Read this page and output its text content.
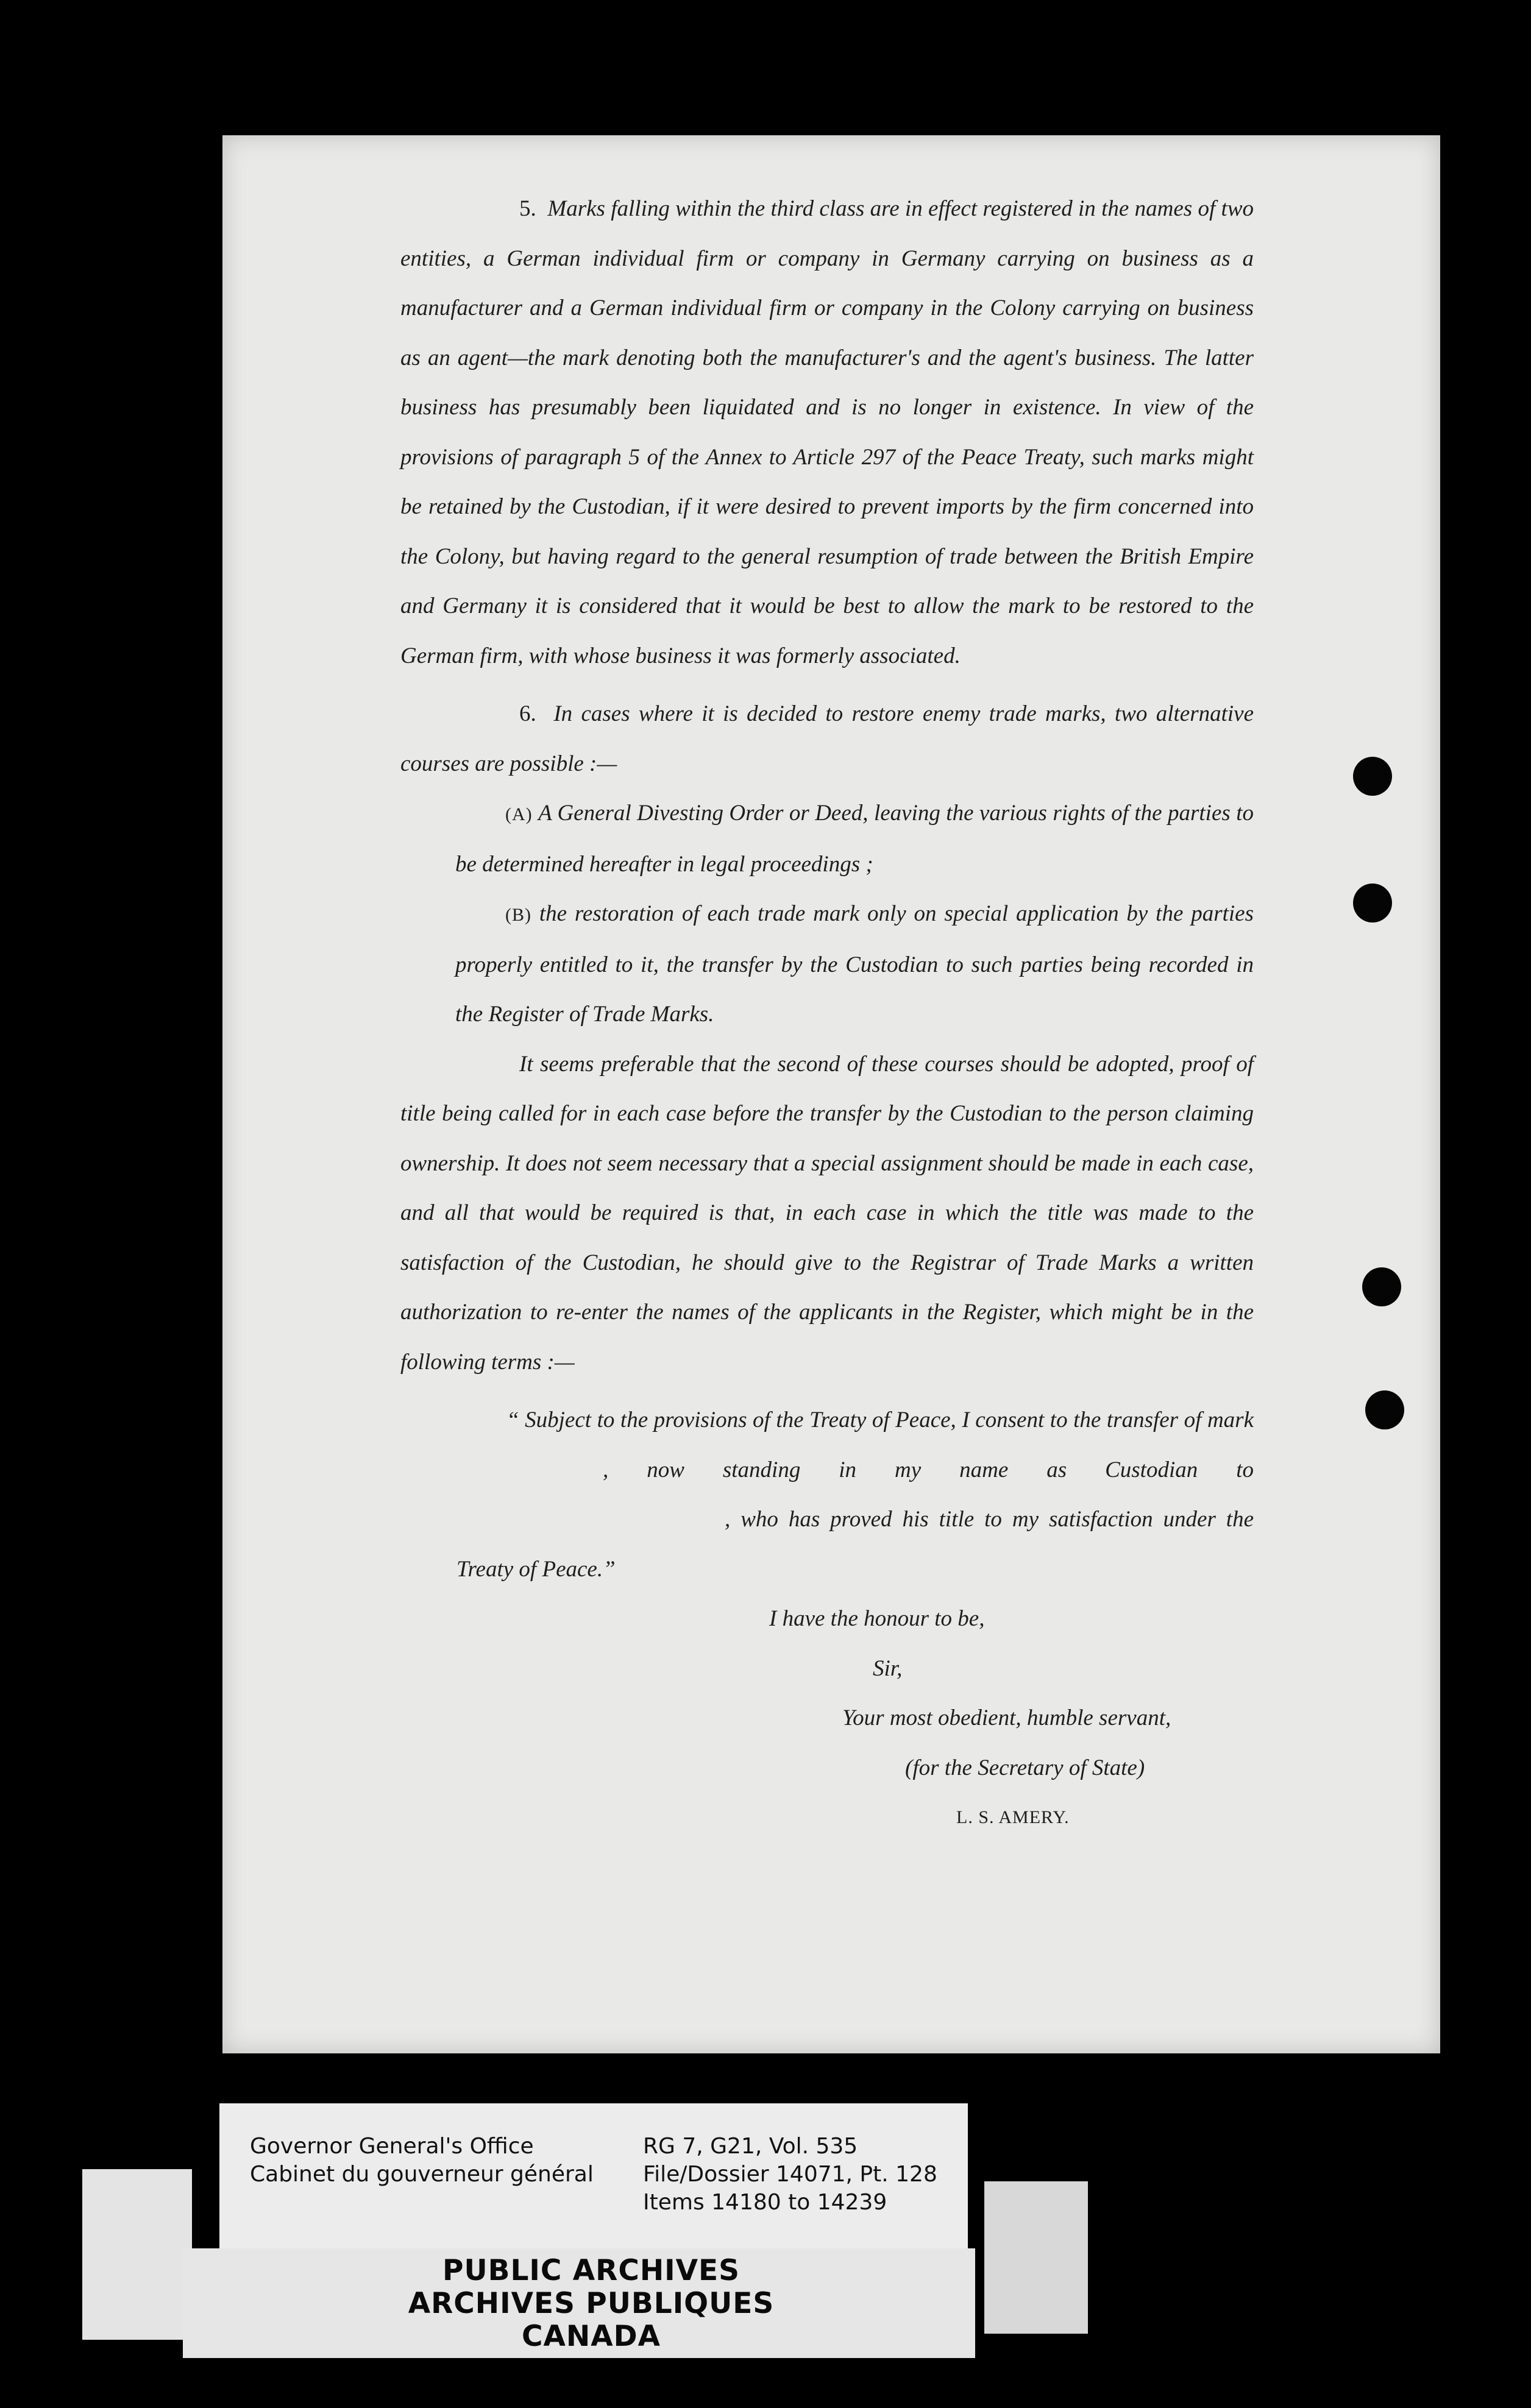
5. Marks falling within the third class are in effect registered in the names of two entities, a German individual firm or company in Germany carrying on business as a manufacturer and a German individual firm or company in the Colony carrying on business as an agent—the mark denoting both the manufacturer's and the agent's business. The latter business has presumably been liquidated and is no longer in existence. In view of the provisions of paragraph 5 of the Annex to Article 297 of the Peace Treaty, such marks might be retained by the Custodian, if it were desired to prevent imports by the firm concerned into the Colony, but having regard to the general resumption of trade between the British Empire and Germany it is considered that it would be best to allow the mark to be restored to the German firm, with whose business it was formerly associated.

6. In cases where it is decided to restore enemy trade marks, two alternative courses are possible :—

(A) A General Divesting Order or Deed, leaving the various rights of the parties to be determined hereafter in legal proceedings ;

(B) the restoration of each trade mark only on special application by the parties properly entitled to it, the transfer by the Custodian to such parties being recorded in the Register of Trade Marks.

It seems preferable that the second of these courses should be adopted, proof of title being called for in each case before the transfer by the Custodian to the person claiming ownership. It does not seem necessary that a special assignment should be made in each case, and all that would be required is that, in each case in which the title was made to the satisfaction of the Custodian, he should give to the Registrar of Trade Marks a written authorization to re-enter the names of the applicants in the Register, which might be in the following terms :—

“ Subject to the provisions of the Treaty of Peace, I consent to the transfer of mark, now standing in my name as Custodian to, who has proved his title to my satisfaction under the Treaty of Peace.”

I have the honour to be,
Sir,
Your most obedient, humble servant,
(for the Secretary of State)
L. S. AMERY.
Governor General's Office
Cabinet du gouverneur général
RG 7, G21, Vol. 535
File/Dossier 14071, Pt. 128
Items 14180 to 14239
PUBLIC ARCHIVES
ARCHIVES PUBLIQUES
CANADA
